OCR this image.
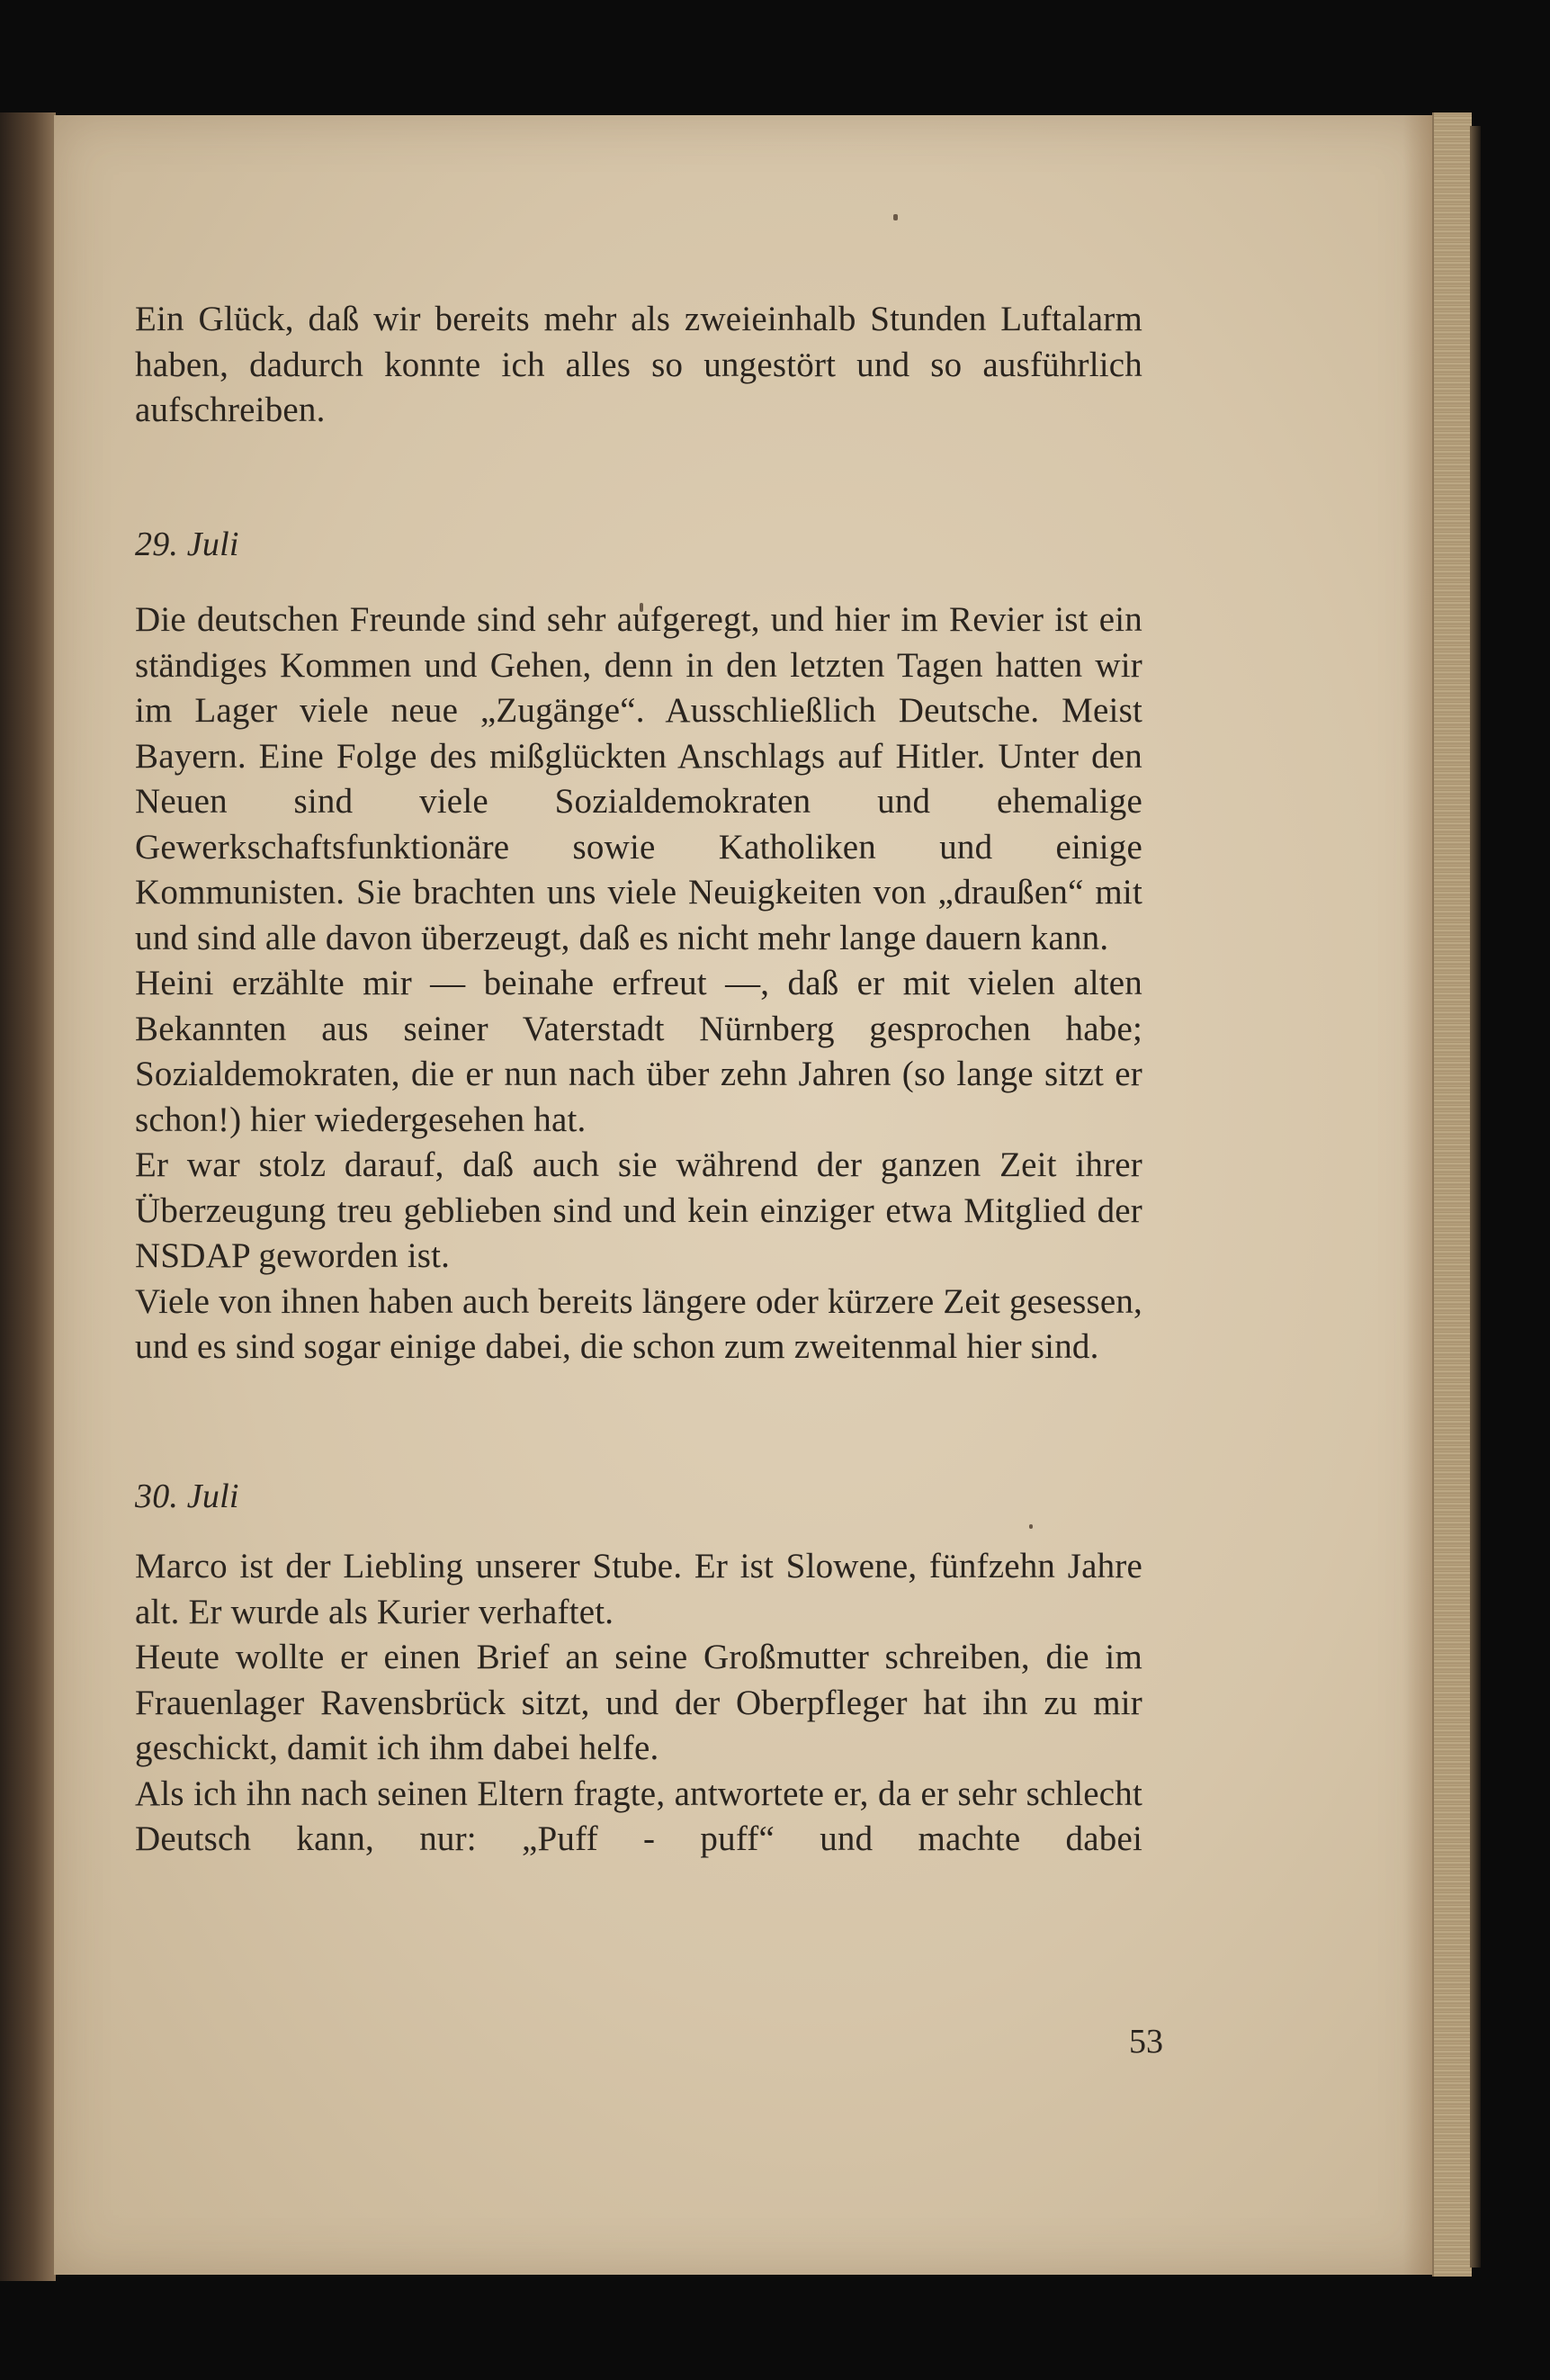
Ein Glück, daß wir bereits mehr als zweieinhalb Stunden Luftalarm haben, dadurch konnte ich alles so ungestört und so ausführlich aufschreiben.

29. Juli

Die deutschen Freunde sind sehr aufgeregt, und hier im Revier ist ein ständiges Kommen und Gehen, denn in den letzten Tagen hatten wir im Lager viele neue „Zugänge“. Ausschließlich Deutsche. Meist Bayern. Eine Folge des mißglückten Anschlags auf Hitler. Unter den Neuen sind viele Sozialdemokraten und ehemalige Gewerkschaftsfunktionäre sowie Katholiken und einige Kommunisten. Sie brachten uns viele Neuigkeiten von „draußen“ mit und sind alle davon überzeugt, daß es nicht mehr lange dauern kann.

Heini erzählte mir — beinahe erfreut —, daß er mit vielen alten Bekannten aus seiner Vaterstadt Nürnberg gesprochen habe; Sozialdemokraten, die er nun nach über zehn Jahren (so lange sitzt er schon!) hier wiedergesehen hat.

Er war stolz darauf, daß auch sie während der ganzen Zeit ihrer Überzeugung treu geblieben sind und kein einziger etwa Mitglied der NSDAP geworden ist.

Viele von ihnen haben auch bereits längere oder kürzere Zeit gesessen, und es sind sogar einige dabei, die schon zum zweitenmal hier sind.

30. Juli

Marco ist der Liebling unserer Stube. Er ist Slowene, fünfzehn Jahre alt. Er wurde als Kurier verhaftet.

Heute wollte er einen Brief an seine Großmutter schreiben, die im Frauenlager Ravensbrück sitzt, und der Oberpfleger hat ihn zu mir geschickt, damit ich ihm dabei helfe.

Als ich ihn nach seinen Eltern fragte, antwortete er, da er sehr schlecht Deutsch kann, nur: „Puff - puff“ und machte dabei

53
